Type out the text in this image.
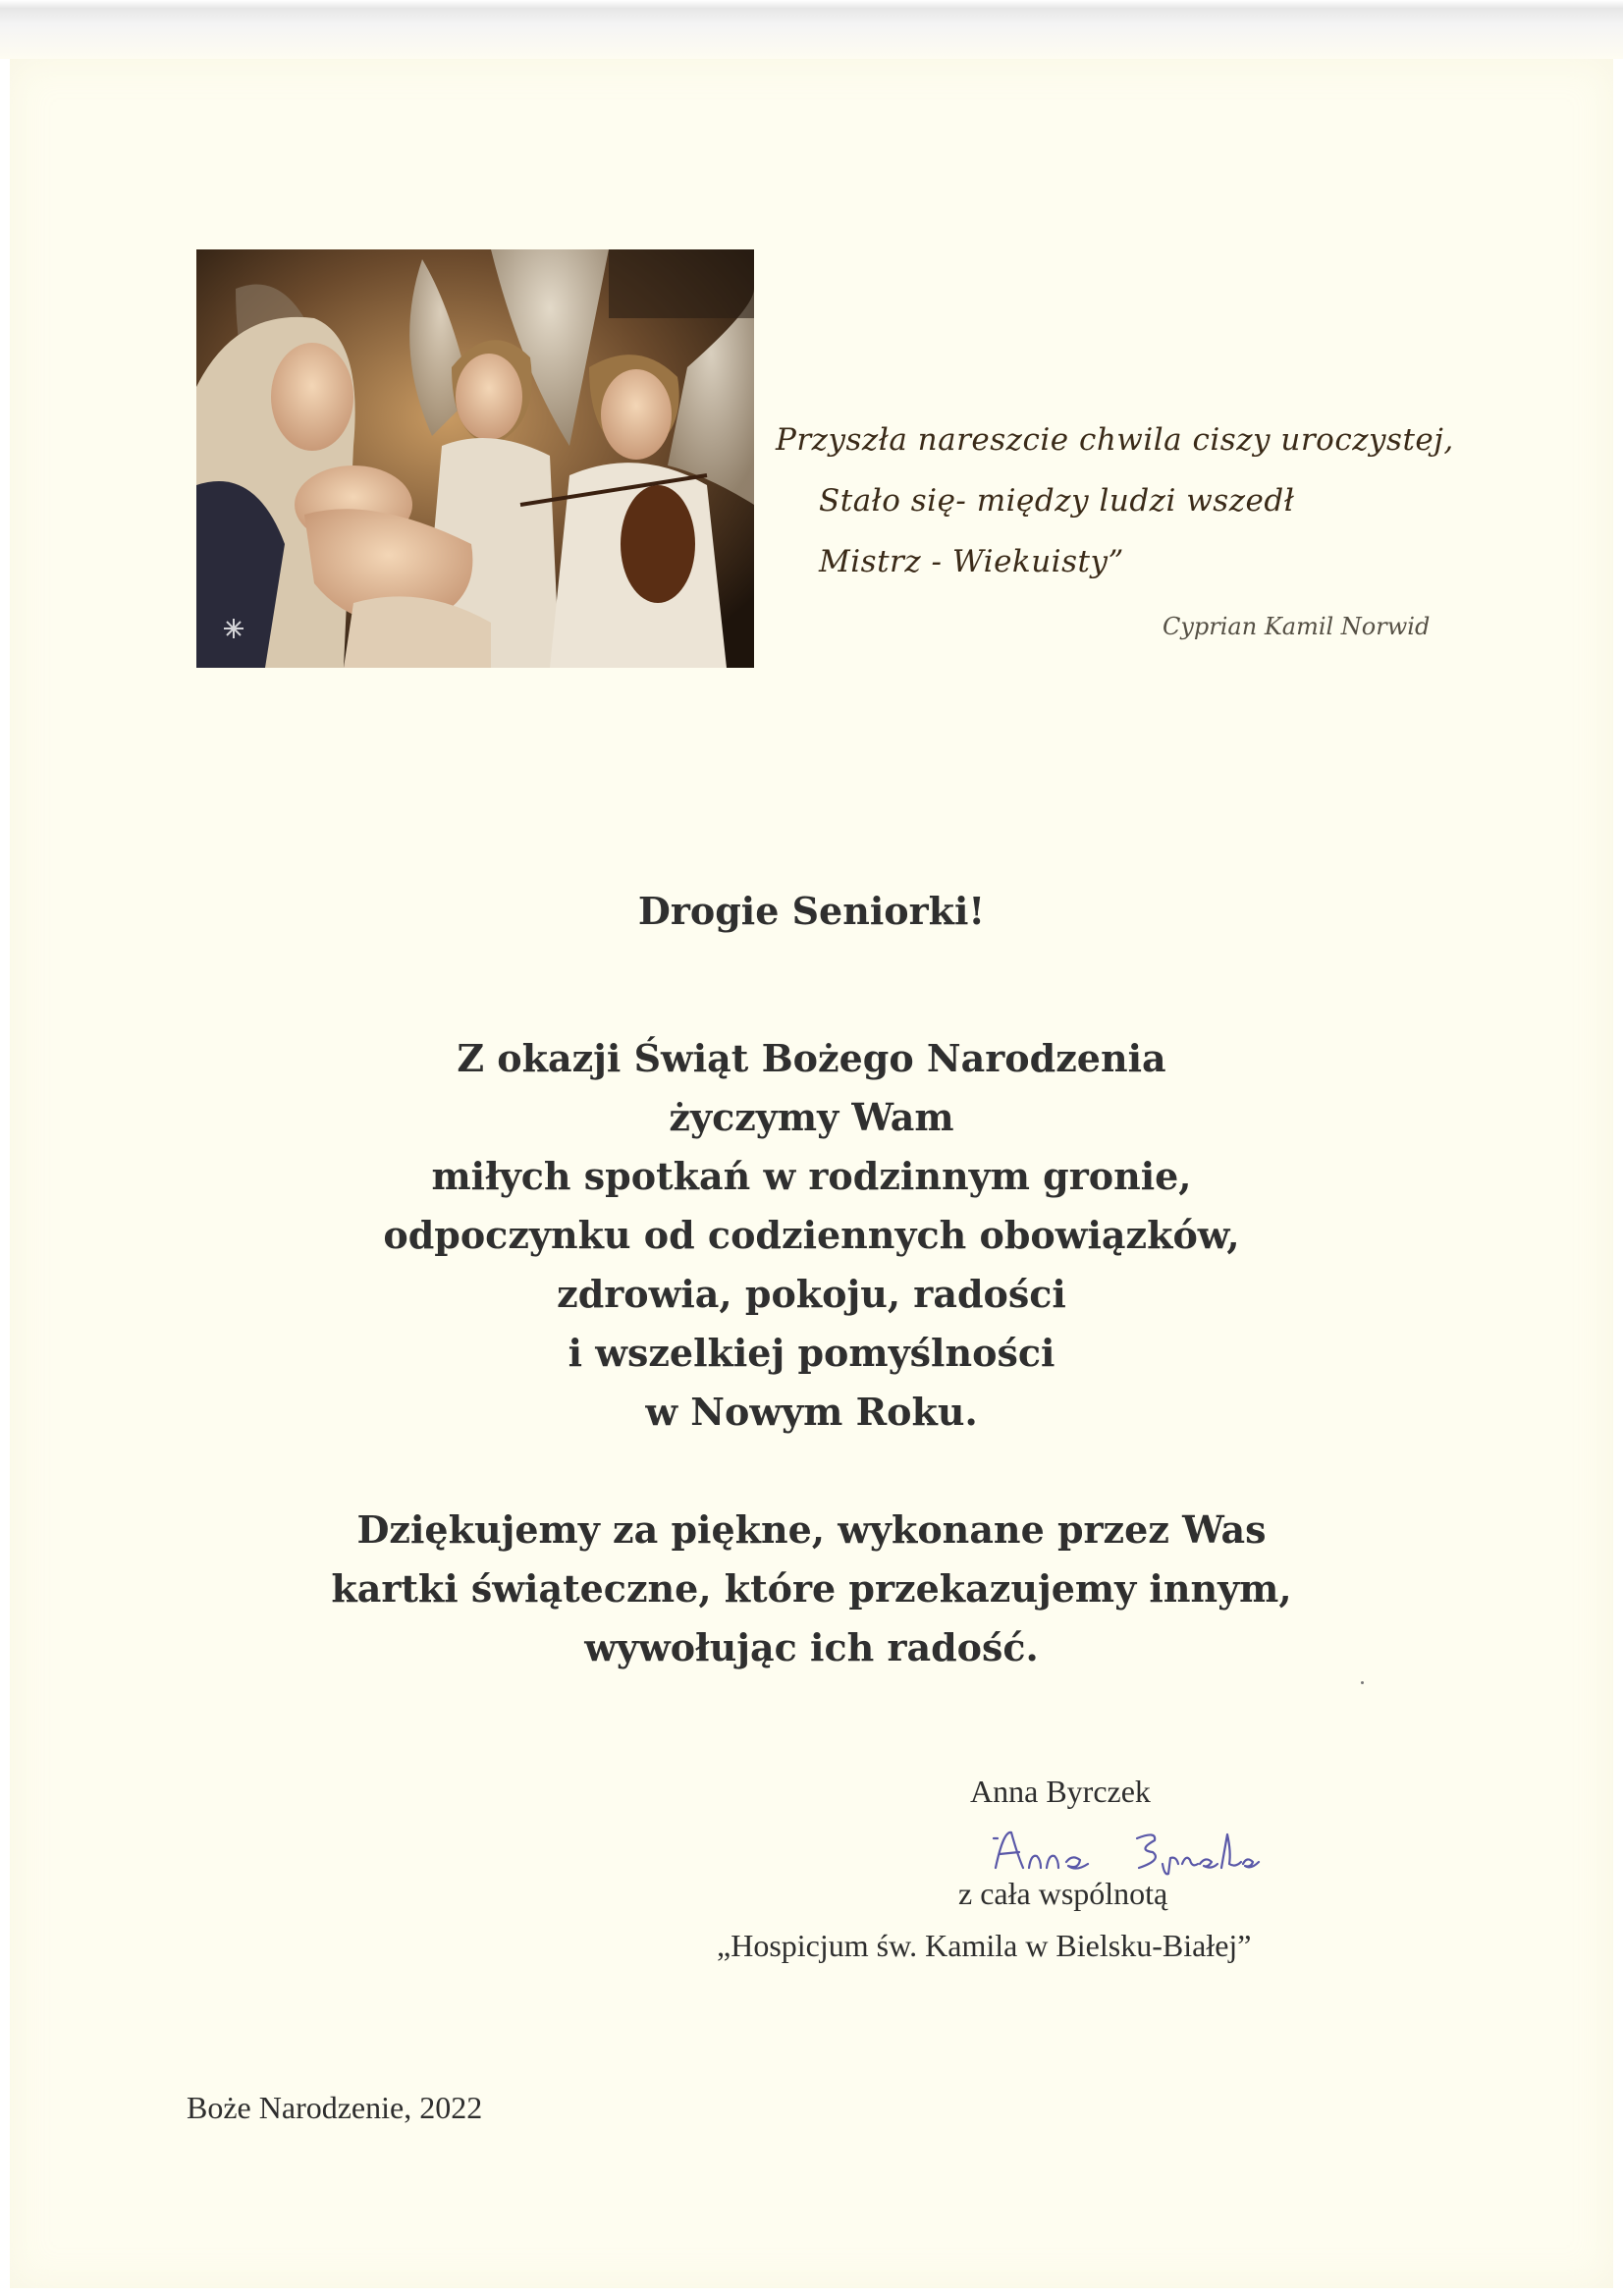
Przyszła nareszcie chwila ciszy uroczystej,
Stało się- między ludzi wszedł
Mistrz - Wiekuisty”
Cyprian Kamil Norwid
Drogie Seniorki!
Z okazji Świąt Bożego Narodzenia
życzymy Wam
miłych spotkań w rodzinnym gronie,
odpoczynku od codziennych obowiązków,
zdrowia, pokoju, radości
i wszelkiej pomyślności
w Nowym Roku.
Dziękujemy za piękne, wykonane przez Was
kartki świąteczne, które przekazujemy innym,
wywołując ich radość.
Anna Byrczek
z cała wspólnotą
„Hospicjum św. Kamila w Bielsku-Białej”
Boże Narodzenie, 2022
